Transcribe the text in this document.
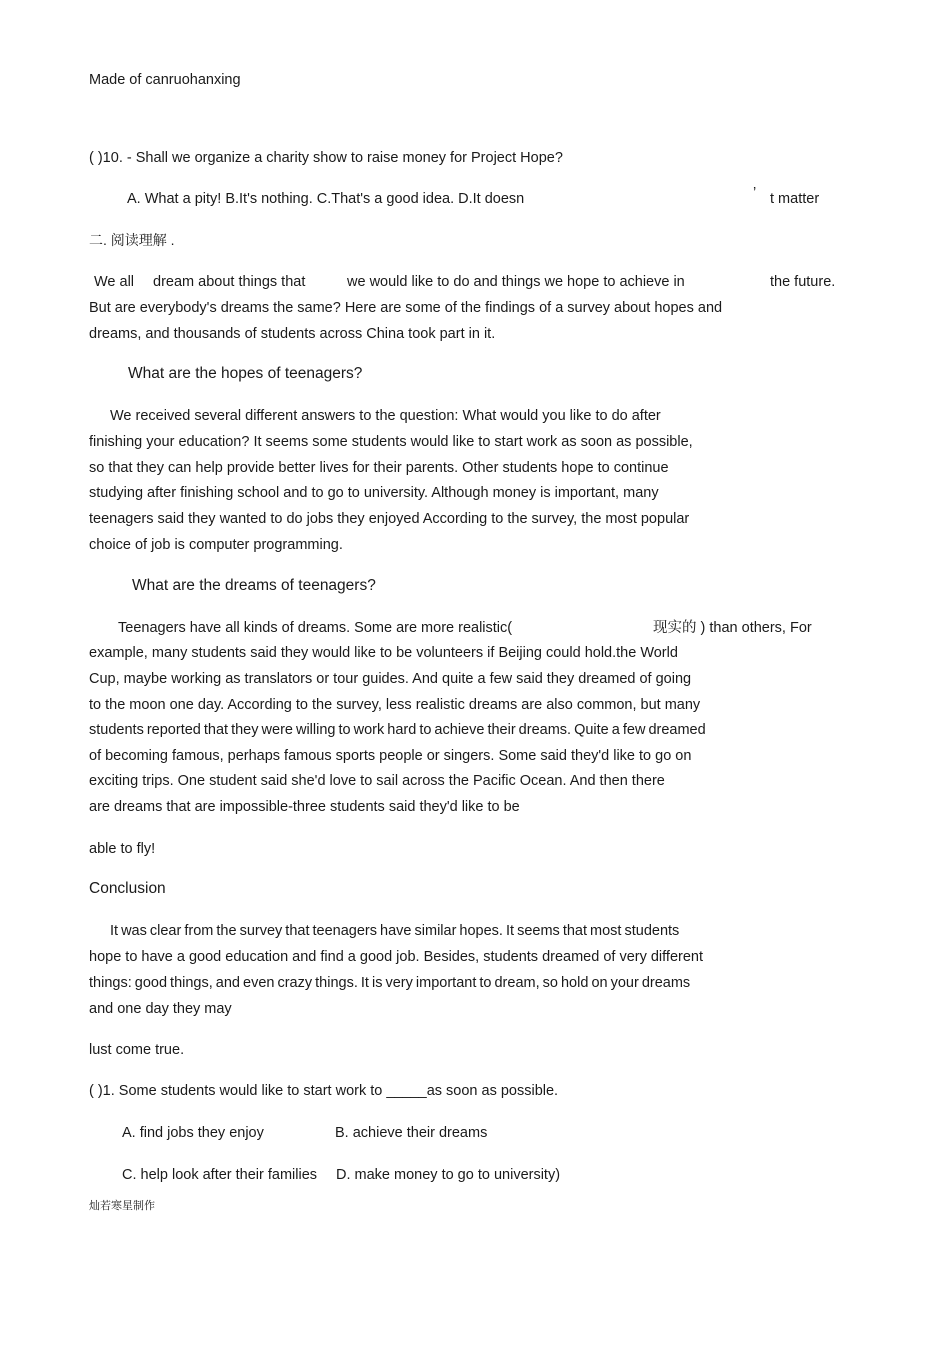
Made of canruohanxing
( )10. - Shall we organize a charity show to raise money for Project Hope?
A. What a pity! B.It's nothing. C.That's a good idea. D.It doesn	’ t matter
二. 阅读理解 .
We all dream about things that	we would like to do and things we hope to achieve in	the future.
But are everybody's dreams the same? Here are some of the findings of a survey about hopes and
dreams, and thousands of students across China took part in it.
What are the hopes of teenagers?
We received several different answers to the question: What would you like to do after
finishing your education? It seems some students would like to start work as soon as possible,
so that they can help provide better lives for their parents. Other students hope to continue
studying after finishing school and to go to university. Although money is important, many
teenagers said they wanted to do jobs they enjoyed According to the survey, the most popular
choice of job is computer programming.
What are the dreams of teenagers?
Teenagers have all kinds of dreams. Some are more realistic(	现实的 ) than others, For
example, many students said they would like to be volunteers if Beijing could hold.the World
Cup, maybe working as translators or tour guides. And quite a few said they dreamed of going
to the moon one day. According to the survey, less realistic dreams are also common, but many
students reported that they were willing to work hard to achieve their dreams. Quite a few dreamed
of becoming famous, perhaps famous sports people or singers. Some said they'd like to go on
exciting trips. One student said she'd love to sail across the Pacific Ocean. And then there
are dreams that are impossible-three students said they'd like to be
able to fly!
Conclusion
It was clear from the survey that teenagers have similar hopes. It seems that most students
hope to have a good education and find a good job. Besides, students dreamed of very different
things: good things, and even crazy things. It is very important to dream, so hold on your dreams
and one day they may
lust come true.
( )1. Some students would like to start work to _____as soon as possible.
A. find jobs they enjoy	B. achieve their dreams
C. help look after their families D. make money to go to university)
灿若寒星制作
